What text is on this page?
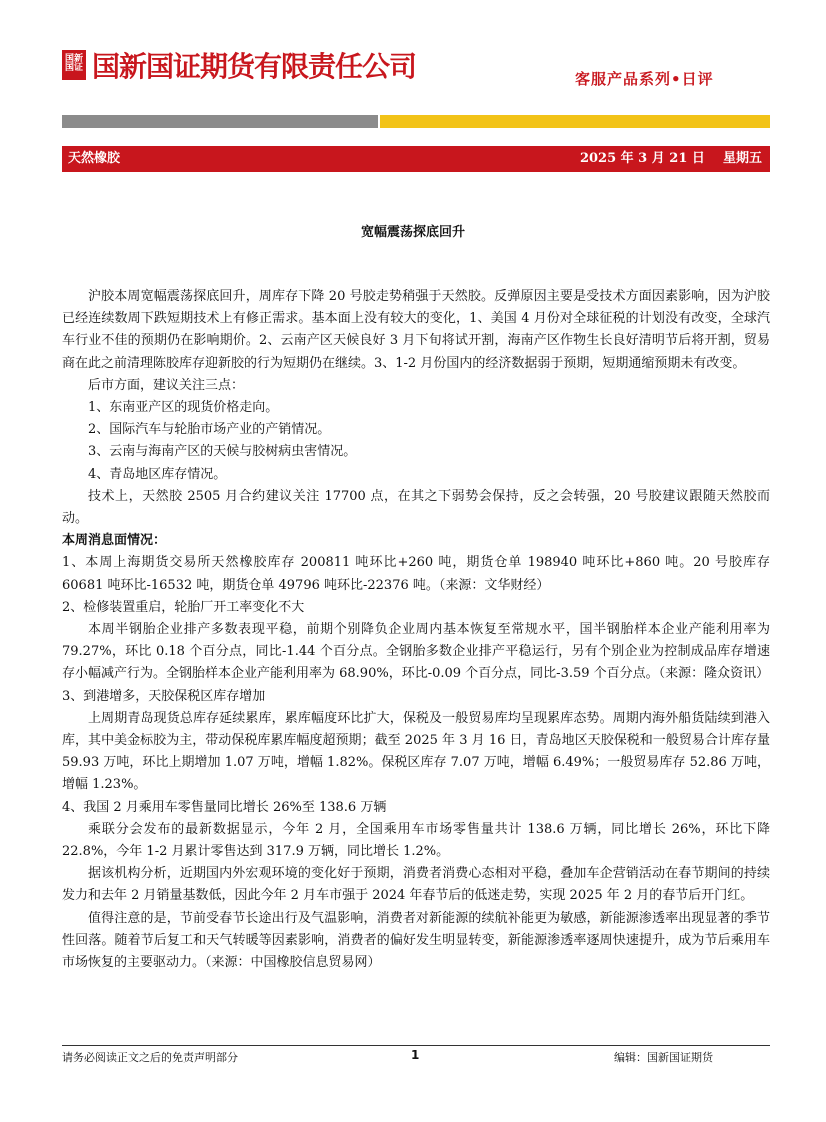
国新国证 国新国证期货有限责任公司	客服产品系列•日评
天然橡胶	2025 年 3 月 21 日    星期五
宽幅震荡探底回升

沪胶本周宽幅震荡探底回升，周库存下降 20 号胶走势稍强于天然胶。反弹原因主要是受技术方面因素影响，因为沪胶已经连续数周下跌短期技术上有修正需求。基本面上没有较大的变化，1、美国 4 月份对全球征税的计划没有改变，全球汽车行业不佳的预期仍在影响期价。2、云南产区天候良好 3 月下旬将试开割，海南产区作物生长良好清明节后将开割，贸易商在此之前清理陈胶库存迎新胶的行为短期仍在继续。3、1-2 月份国内的经济数据弱于预期，短期通缩预期未有改变。

后市方面，建议关注三点：

1、东南亚产区的现货价格走向。

2、国际汽车与轮胎市场产业的产销情况。

3、云南与海南产区的天候与胶树病虫害情况。

4、青岛地区库存情况。

技术上，天然胶 2505 月合约建议关注 17700 点，在其之下弱势会保持，反之会转强，20 号胶建议跟随天然胶而动。

本周消息面情况：

1、本周上海期货交易所天然橡胶库存 200811 吨环比+260 吨，期货仓单 198940 吨环比+860 吨。20 号胶库存 60681 吨环比-16532 吨，期货仓单 49796 吨环比-22376 吨。（来源：文华财经）

2、检修装置重启，轮胎厂开工率变化不大

本周半钢胎企业排产多数表现平稳，前期个别降负企业周内基本恢复至常规水平，国半钢胎样本企业产能利用率为 79.27%，环比 0.18 个百分点，同比-1.44 个百分点。全钢胎多数企业排产平稳运行，另有个别企业为控制成品库存增速存小幅减产行为。全钢胎样本企业产能利用率为 68.90%，环比-0.09 个百分点，同比-3.59 个百分点。（来源：隆众资讯）

3、到港增多，天胶保税区库存增加

上周期青岛现货总库存延续累库，累库幅度环比扩大，保税及一般贸易库均呈现累库态势。周期内海外船货陆续到港入库，其中美金标胶为主，带动保税库累库幅度超预期；截至 2025 年 3 月 16 日，青岛地区天胶保税和一般贸易合计库存量 59.93 万吨，环比上期增加 1.07 万吨，增幅 1.82%。保税区库存 7.07 万吨，增幅 6.49%；一般贸易库存 52.86 万吨，增幅 1.23%。

4、我国 2 月乘用车零售量同比增长 26%至 138.6 万辆

乘联分会发布的最新数据显示，今年 2 月，全国乘用车市场零售量共计 138.6 万辆，同比增长 26%，环比下降 22.8%，今年 1-2 月累计零售达到 317.9 万辆，同比增长 1.2%。

据该机构分析，近期国内外宏观环境的变化好于预期，消费者消费心态相对平稳，叠加车企营销活动在春节期间的持续发力和去年 2 月销量基数低，因此今年 2 月车市强于 2024 年春节后的低迷走势，实现 2025 年 2 月的春节后开门红。

值得注意的是，节前受春节长途出行及气温影响，消费者对新能源的续航补能更为敏感，新能源渗透率出现显著的季节性回落。随着节后复工和天气转暖等因素影响，消费者的偏好发生明显转变，新能源渗透率逐周快速提升，成为节后乘用车市场恢复的主要驱动力。（来源：中国橡胶信息贸易网）

请务必阅读正文之后的免责声明部分	1	编辑：国新国证期货
